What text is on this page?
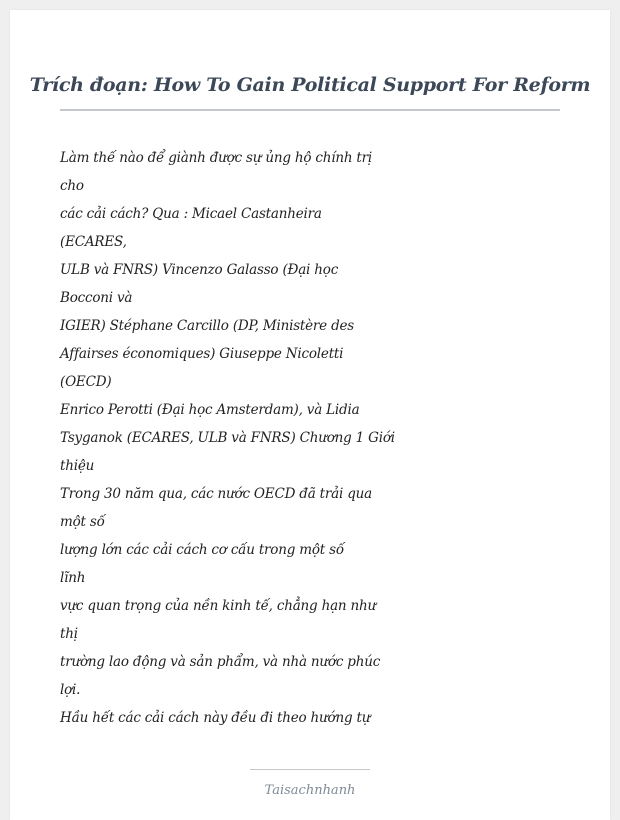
Trích đoạn: How To Gain Political Support For Reform
Làm thế nào để giành được sự ủng hộ chính trị
cho
các cải cách? Qua : Micael Castanheira
(ECARES,
ULB và FNRS) Vincenzo Galasso (Đại học
Bocconi và
IGIER) Stéphane Carcillo (DP, Ministère des
Affairses économiques) Giuseppe Nicoletti
(OECD)
Enrico Perotti (Đại học Amsterdam), và Lidia
Tsyganok (ECARES, ULB và FNRS) Chương 1 Giới
thiệu
Trong 30 năm qua, các nước OECD đã trải qua
một số
lượng lớn các cải cách cơ cấu trong một số
lĩnh
vực quan trọng của nền kinh tế, chẳng hạn như
thị
trường lao động và sản phẩm, và nhà nước phúc
lợi.
Hầu hết các cải cách này đều đi theo hướng tự
Taisachnhanh
